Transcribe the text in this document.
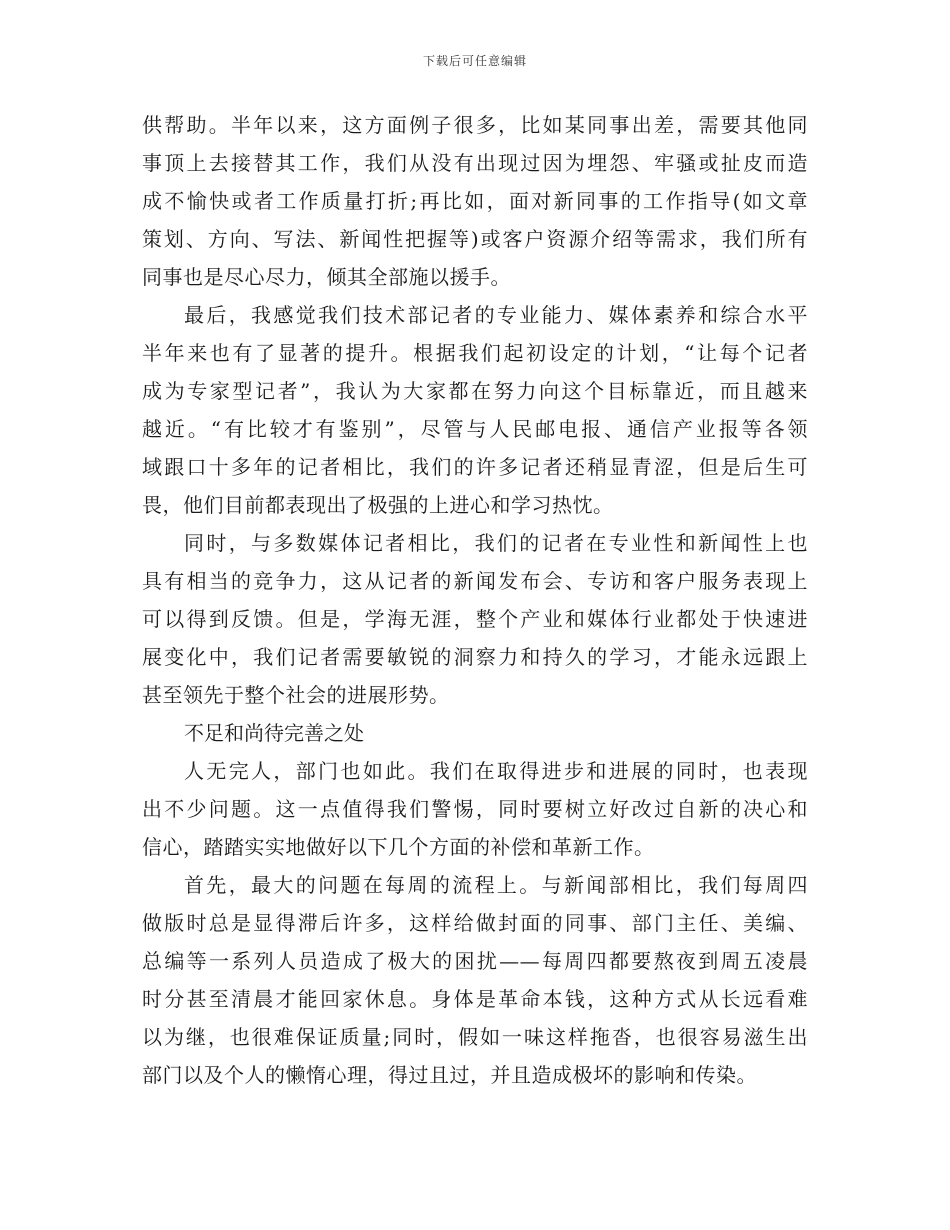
下载后可任意编辑
供帮助。半年以来，这方面例子很多，比如某同事出差，需要其他同
事顶上去接替其工作，我们从没有出现过因为埋怨、牢骚或扯皮而造
成不愉快或者工作质量打折;再比如，面对新同事的工作指导(如文章
策划、方向、写法、新闻性把握等)或客户资源介绍等需求，我们所有
同事也是尽心尽力，倾其全部施以援手。
最后，我感觉我们技术部记者的专业能力、媒体素养和综合水平
半年来也有了显著的提升。根据我们起初设定的计划，“让每个记者
成为专家型记者”，我认为大家都在努力向这个目标靠近，而且越来
越近。“有比较才有鉴别”，尽管与人民邮电报、通信产业报等各领
域跟口十多年的记者相比，我们的许多记者还稍显青涩，但是后生可
畏，他们目前都表现出了极强的上进心和学习热忱。
同时，与多数媒体记者相比，我们的记者在专业性和新闻性上也
具有相当的竞争力，这从记者的新闻发布会、专访和客户服务表现上
可以得到反馈。但是，学海无涯，整个产业和媒体行业都处于快速进
展变化中，我们记者需要敏锐的洞察力和持久的学习，才能永远跟上
甚至领先于整个社会的进展形势。
不足和尚待完善之处
人无完人，部门也如此。我们在取得进步和进展的同时，也表现
出不少问题。这一点值得我们警惕，同时要树立好改过自新的决心和
信心，踏踏实实地做好以下几个方面的补偿和革新工作。
首先，最大的问题在每周的流程上。与新闻部相比，我们每周四
做版时总是显得滞后许多，这样给做封面的同事、部门主任、美编、
总编等一系列人员造成了极大的困扰——每周四都要熬夜到周五凌晨
时分甚至清晨才能回家休息。身体是革命本钱，这种方式从长远看难
以为继，也很难保证质量;同时，假如一味这样拖沓，也很容易滋生出
部门以及个人的懒惰心理，得过且过，并且造成极坏的影响和传染。
